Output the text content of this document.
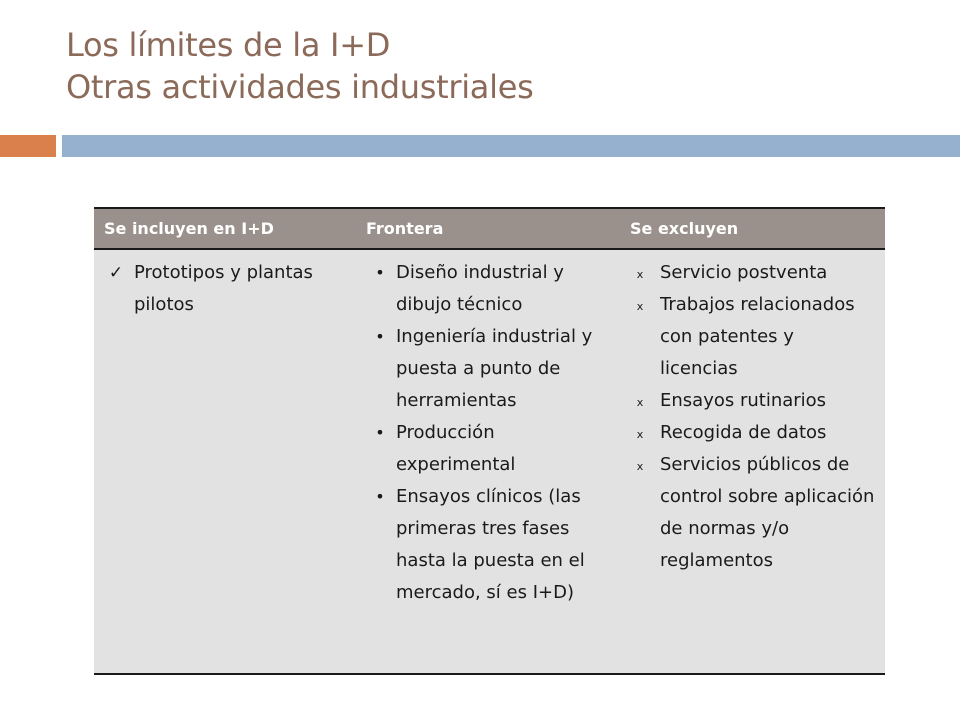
Los límites de la I+D
Otras actividades industriales
Se incluyen en I+D	Frontera	Se excluyen
✓ Prototipos y plantas pilotos
• Diseño industrial y dibujo técnico
• Ingeniería industrial y puesta a punto de herramientas
• Producción experimental
• Ensayos clínicos (las primeras tres fases hasta la puesta en el mercado, sí es I+D)
x Servicio postventa
x Trabajos relacionados con patentes y licencias
x Ensayos rutinarios
x Recogida de datos
x Servicios públicos de control sobre aplicación de normas y/o reglamentos
